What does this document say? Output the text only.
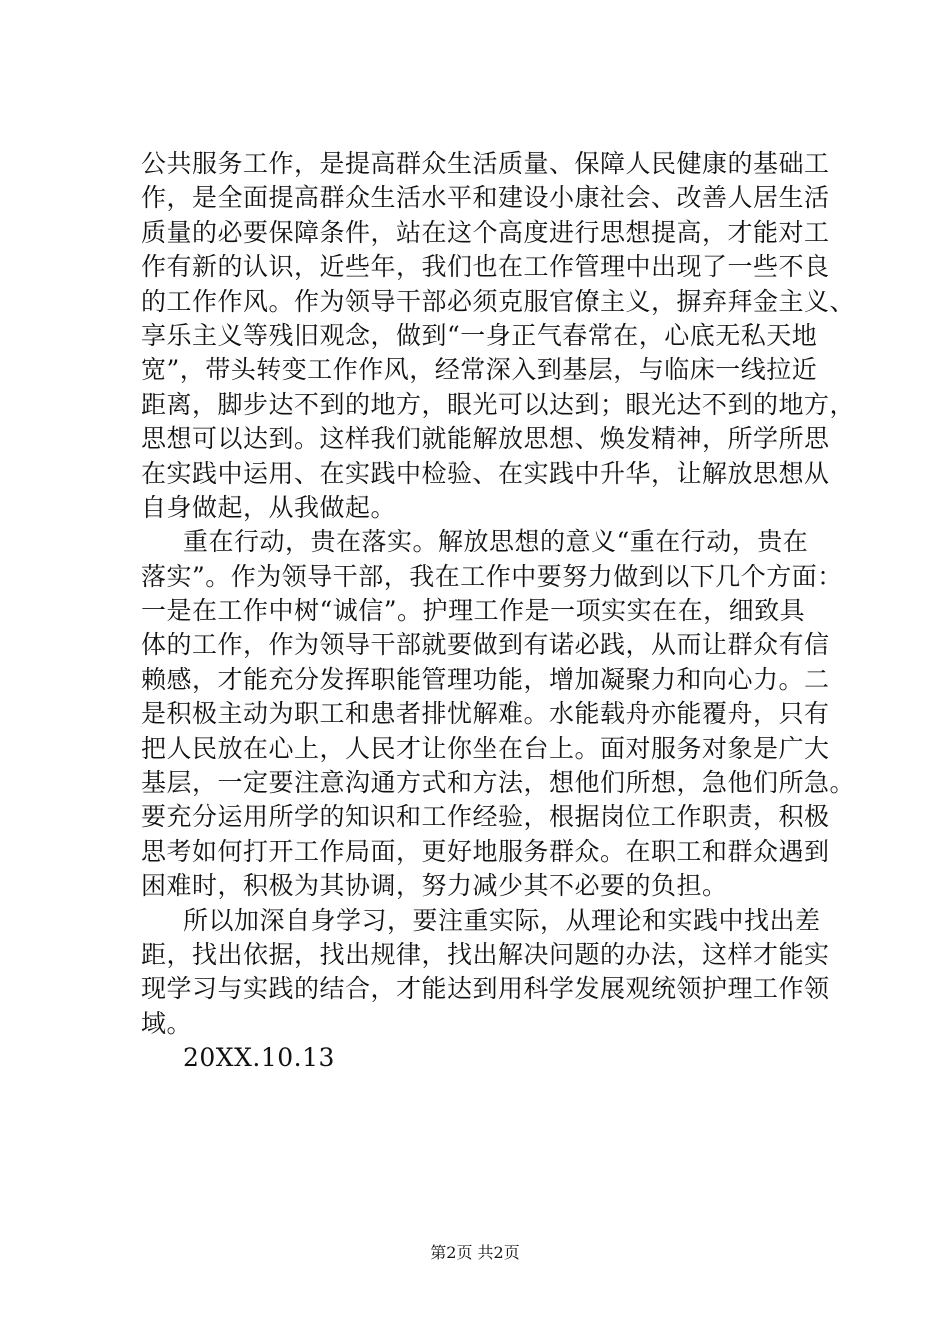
公共服务工作，是提高群众生活质量、保障人民健康的基础工
作，是全面提高群众生活水平和建设小康社会、改善人居生活
质量的必要保障条件，站在这个高度进行思想提高，才能对工
作有新的认识，近些年，我们也在工作管理中出现了一些不良
的工作作风。作为领导干部必须克服官僚主义，摒弃拜金主义、
享乐主义等残旧观念，做到“一身正气春常在，心底无私天地
宽”，带头转变工作作风，经常深入到基层，与临床一线拉近
距离，脚步达不到的地方，眼光可以达到；眼光达不到的地方，
思想可以达到。这样我们就能解放思想、焕发精神，所学所思
在实践中运用、在实践中检验、在实践中升华，让解放思想从
自身做起，从我做起。
重在行动，贵在落实。解放思想的意义“重在行动，贵在
落实”。作为领导干部，我在工作中要努力做到以下几个方面：
一是在工作中树“诚信”。护理工作是一项实实在在，细致具
体的工作，作为领导干部就要做到有诺必践，从而让群众有信
赖感，才能充分发挥职能管理功能，增加凝聚力和向心力。二
是积极主动为职工和患者排忧解难。水能载舟亦能覆舟，只有
把人民放在心上，人民才让你坐在台上。面对服务对象是广大
基层，一定要注意沟通方式和方法，想他们所想，急他们所急。
要充分运用所学的知识和工作经验，根据岗位工作职责，积极
思考如何打开工作局面，更好地服务群众。在职工和群众遇到
困难时，积极为其协调，努力减少其不必要的负担。
所以加深自身学习，要注重实际，从理论和实践中找出差
距，找出依据，找出规律，找出解决问题的办法，这样才能实
现学习与实践的结合，才能达到用科学发展观统领护理工作领
域。
20XX.10.13
第2页 共2页
